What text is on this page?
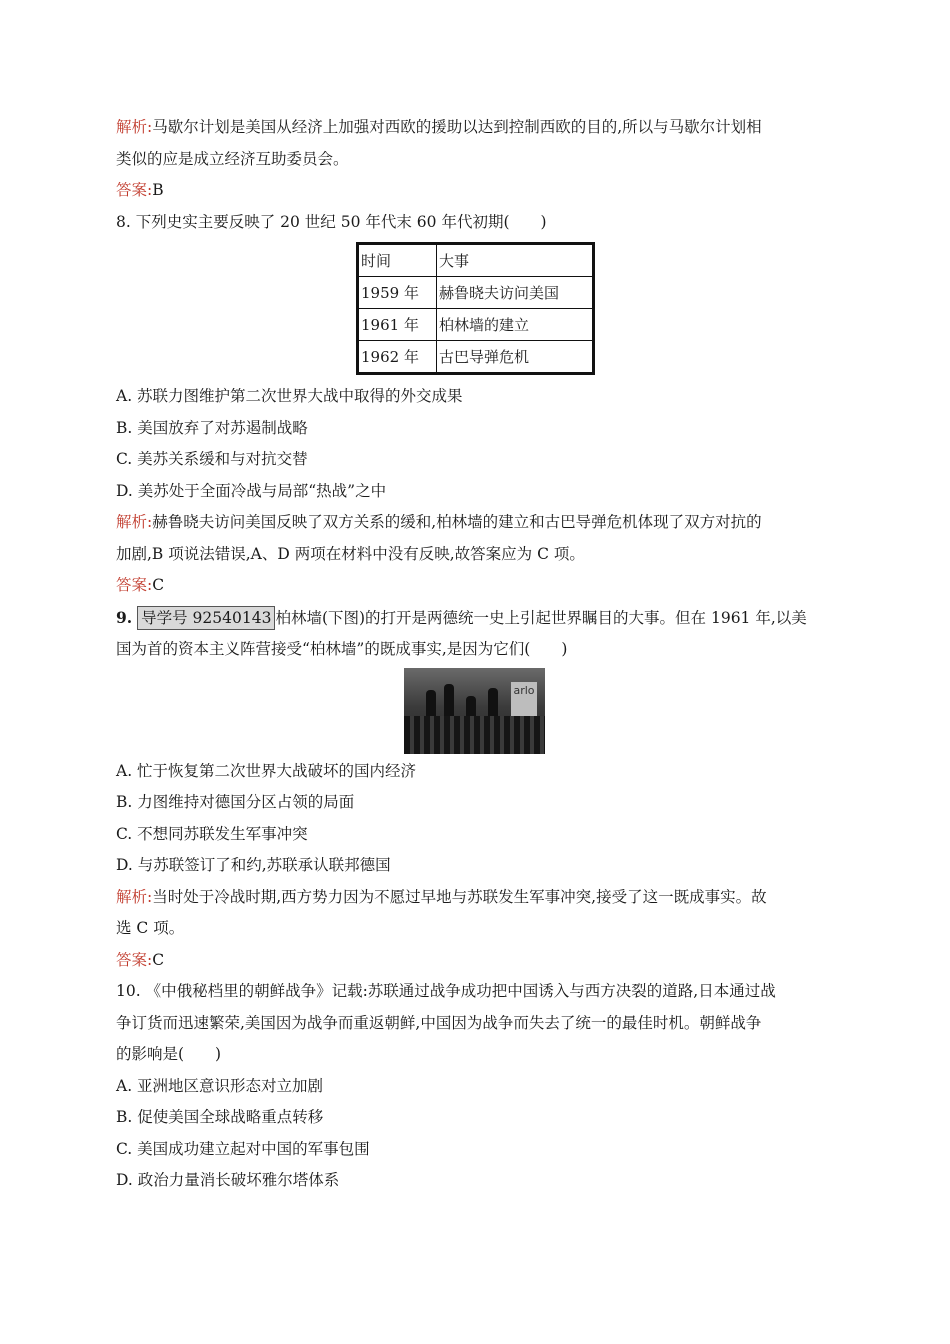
解析:马歇尔计划是美国从经济上加强对西欧的援助以达到控制西欧的目的,所以与马歇尔计划相
类似的应是成立经济互助委员会。
答案:B
8. 下列史实主要反映了 20 世纪 50 年代末 60 年代初期(　　)
时间	大事
1959 年	赫鲁晓夫访问美国
1961 年	柏林墙的建立
1962 年	古巴导弹危机
A. 苏联力图维护第二次世界大战中取得的外交成果
B. 美国放弃了对苏遏制战略
C. 美苏关系缓和与对抗交替
D. 美苏处于全面冷战与局部“热战”之中
解析:赫鲁晓夫访问美国反映了双方关系的缓和,柏林墙的建立和古巴导弹危机体现了双方对抗的
加剧,B 项说法错误,A、D 两项在材料中没有反映,故答案应为 C 项。
答案:C
9. 导学号 92540143 柏林墙(下图)的打开是两德统一史上引起世界瞩目的大事。但在 1961 年,以美
国为首的资本主义阵营接受“柏林墙”的既成事实,是因为它们(　　)
arlo
A. 忙于恢复第二次世界大战破坏的国内经济
B. 力图维持对德国分区占领的局面
C. 不想同苏联发生军事冲突
D. 与苏联签订了和约,苏联承认联邦德国
解析:当时处于冷战时期,西方势力因为不愿过早地与苏联发生军事冲突,接受了这一既成事实。故
选 C 项。
答案:C
10. 《中俄秘档里的朝鲜战争》记载:苏联通过战争成功把中国诱入与西方决裂的道路,日本通过战
争订货而迅速繁荣,美国因为战争而重返朝鲜,中国因为战争而失去了统一的最佳时机。朝鲜战争
的影响是(　　)
A. 亚洲地区意识形态对立加剧
B. 促使美国全球战略重点转移
C. 美国成功建立起对中国的军事包围
D. 政治力量消长破坏雅尔塔体系
